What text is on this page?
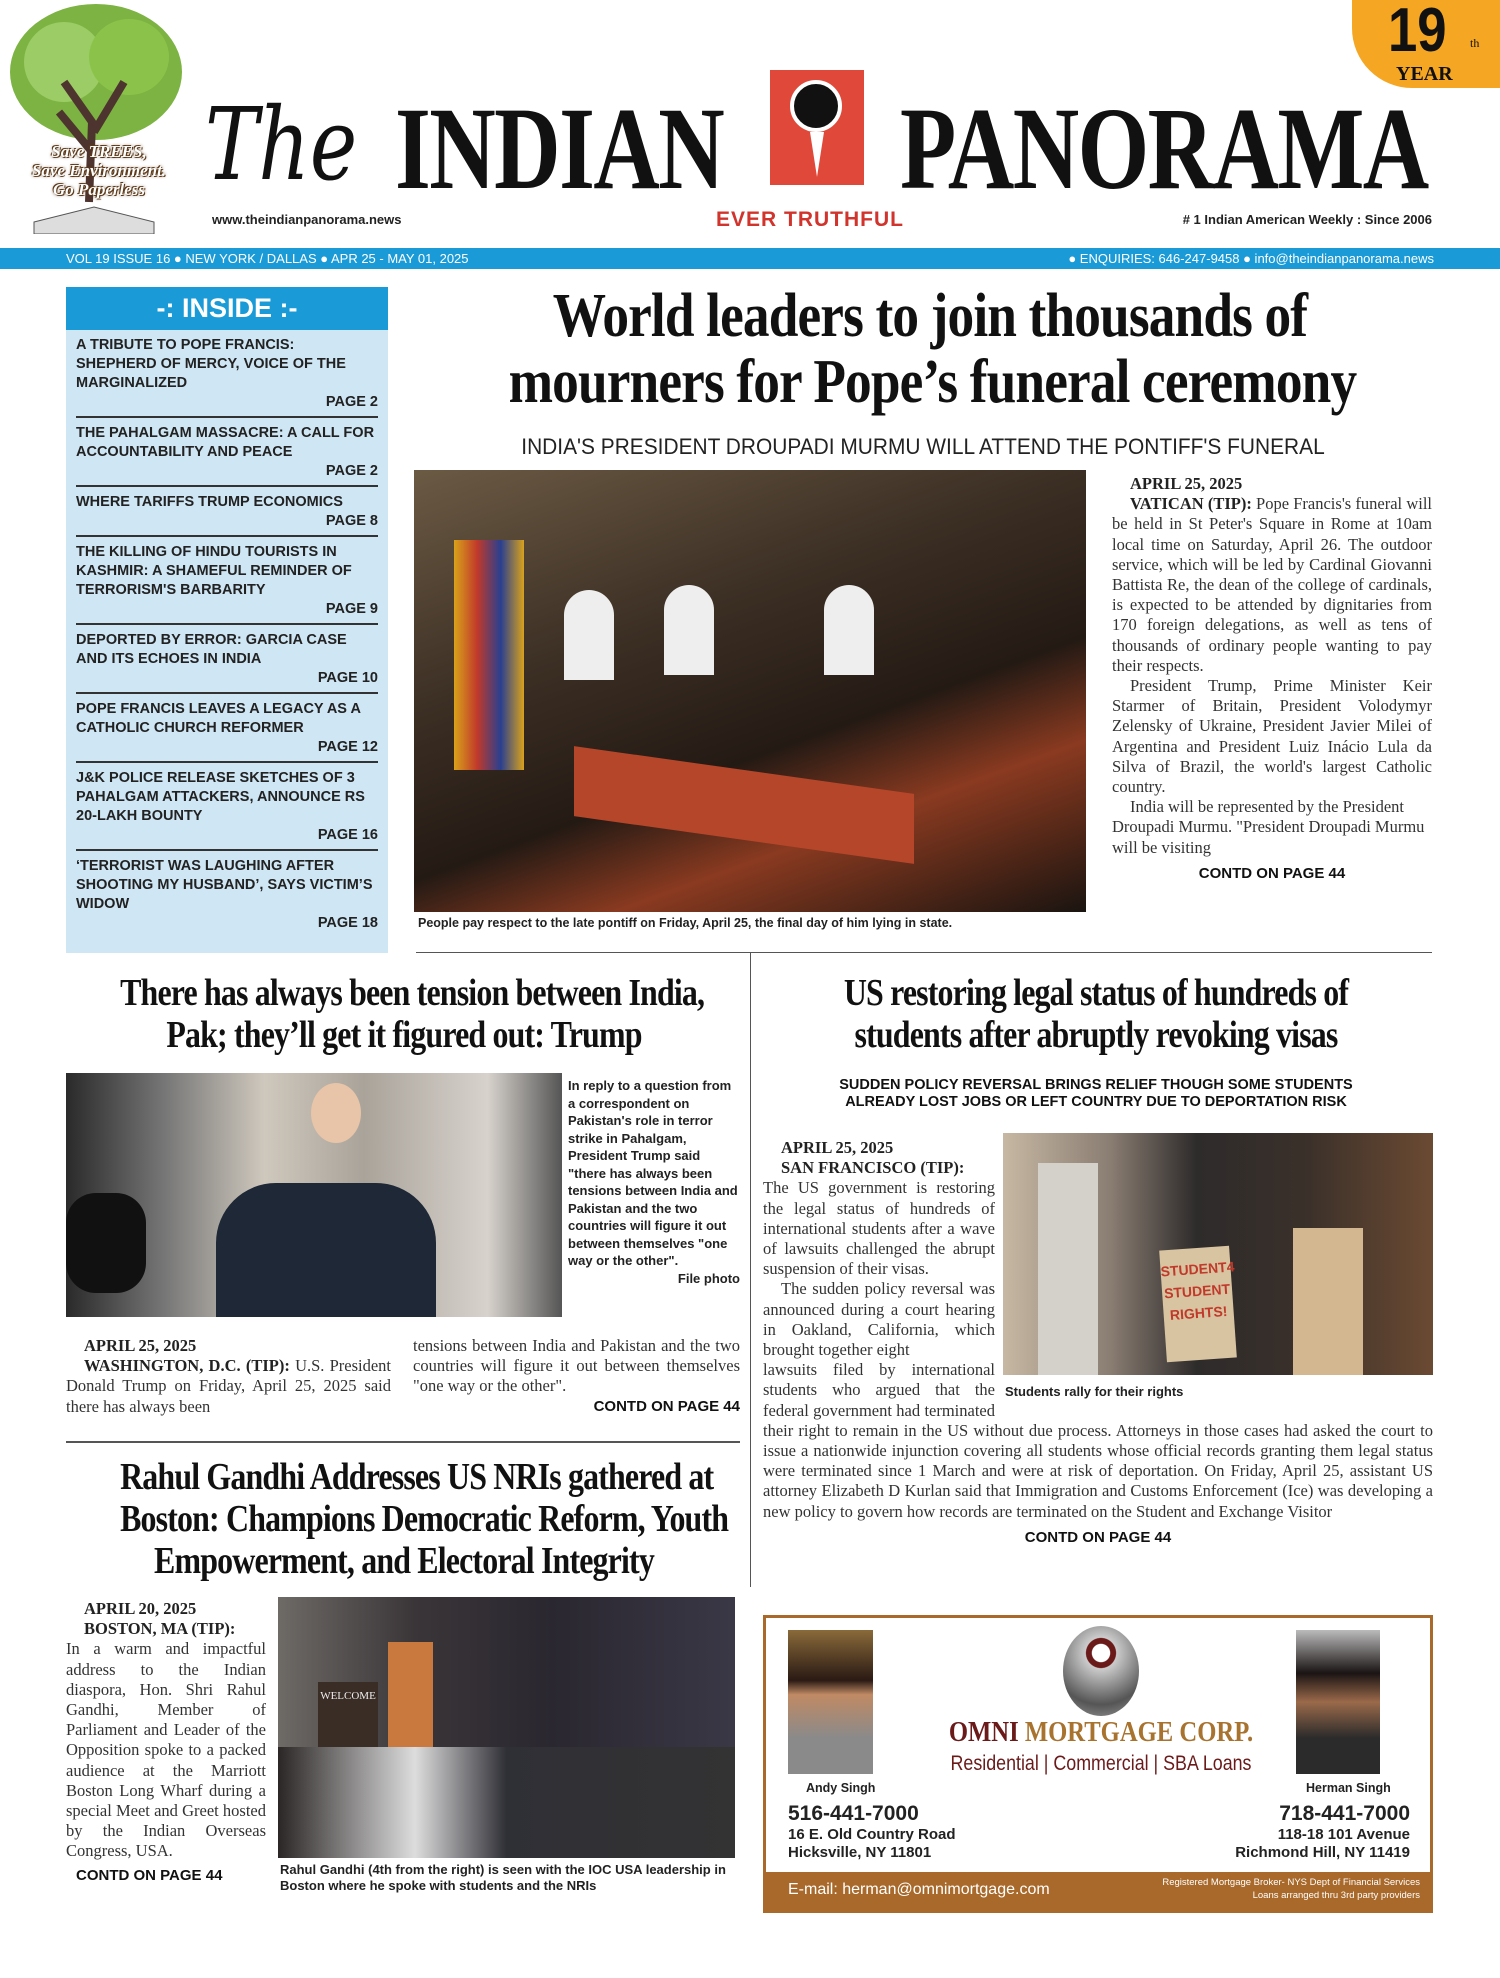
Save TREES,
Save Environment.
Go Paperless The INDIAN PANORAMA
19 th
YEAR
www.theindianpanorama.news	EVER TRUTHFUL	# 1 Indian American Weekly : Since 2006
VOL 19 ISSUE 16 ● NEW YORK / DALLAS ● APR 25 - MAY 01, 2025	● ENQUIRIES: 646-247-9458 ● info@theindianpanorama.news
-: INSIDE :-
A TRIBUTE TO POPE FRANCIS: SHEPHERD OF MERCY, VOICE OF THE MARGINALIZED
PAGE 2
THE PAHALGAM MASSACRE: A CALL FOR ACCOUNTABILITY AND PEACE
PAGE 2
WHERE TARIFFS TRUMP ECONOMICS
PAGE 8
THE KILLING OF HINDU TOURISTS IN KASHMIR: A SHAMEFUL REMINDER OF TERRORISM'S BARBARITY
PAGE 9
DEPORTED BY ERROR: GARCIA CASE AND ITS ECHOES IN INDIA
PAGE 10
POPE FRANCIS LEAVES A LEGACY AS A CATHOLIC CHURCH REFORMER
PAGE 12
J&K POLICE RELEASE SKETCHES OF 3 PAHALGAM ATTACKERS, ANNOUNCE RS 20-LAKH BOUNTY
PAGE 16
‘TERRORIST WAS LAUGHING AFTER SHOOTING MY HUSBAND’, SAYS VICTIM’S WIDOW
PAGE 18
World leaders to join thousands of
mourners for Pope’s funeral ceremony
INDIA'S PRESIDENT DROUPADI MURMU WILL ATTEND THE PONTIFF'S FUNERAL
People pay respect to the late pontiff on Friday, April 25, the final day of him lying in state.

APRIL 25, 2025

VATICAN (TIP): Pope Francis's funeral will be held in St Peter's Square in Rome at 10am local time on Saturday, April 26. The outdoor service, which will be led by Cardinal Giovanni Battista Re, the dean of the college of cardinals, is expected to be attended by dignitaries from 170 foreign delegations, as well as tens of thousands of ordinary people wanting to pay their respects.

President Trump, Prime Minister Keir Starmer of Britain, President Volodymyr Zelensky of Ukraine, President Javier Milei of Argentina and President Luiz Inácio Lula da Silva of Brazil, the world's largest Catholic country.

India will be represented by the President Droupadi Murmu. "President Droupadi Murmu will be visiting

CONTD ON PAGE 44
There has always been tension between India,
Pak; they’ll get it figured out: Trump
In reply to a question from a correspondent on Pakistan's role in terror strike in Pahalgam, President Trump said "there has always been tensions between India and Pakistan and the two countries will figure it out between themselves "one way or the other".
File photo

APRIL 25, 2025

WASHINGTON, D.C. (TIP): U.S. President Donald Trump on Friday, April 25, 2025 said there has always been

tensions between India and Pakistan and the two countries will figure it out between themselves "one way or the other".
CONTD ON PAGE 44
Rahul Gandhi Addresses US NRIs gathered at
Boston: Champions Democratic Reform, Youth
Empowerment, and Electoral Integrity

APRIL 20, 2025

BOSTON, MA (TIP):

In a warm and impactful address to the Indian diaspora, Hon. Shri Rahul Gandhi, Member of Parliament and Leader of the Opposition spoke to a packed audience at the Marriott Boston Long Wharf during a special Meet and Greet hosted by the Indian Overseas Congress, USA.
CONTD ON PAGE 44
WELCOME
Rahul Gandhi (4th from the right) is seen with the IOC USA leadership in Boston where he spoke with students and the NRIs
US restoring legal status of hundreds of
students after abruptly revoking visas
SUDDEN POLICY REVERSAL BRINGS RELIEF THOUGH SOME STUDENTS
ALREADY LOST JOBS OR LEFT COUNTRY DUE TO DEPORTATION RISK

APRIL 25, 2025

SAN FRANCISCO (TIP):

The US government is restoring the legal status of hundreds of international students after a wave of lawsuits challenged the abrupt suspension of their visas.

The sudden policy reversal was announced during a court hearing in Oakland, California, which brought together eight

lawsuits filed by international students who argued that the federal government had terminated their right to remain in the US without due process. Attorneys in those cases had asked the court to issue a nationwide injunction covering all students whose official records granting them legal status were terminated since 1 March and were at risk of deportation. On Friday, April 25, assistant US attorney Elizabeth D Kurlan said that Immigration and Customs Enforcement (Ice) was developing a new policy to govern how records are terminated on the Student and Exchange Visitor
CONTD ON PAGE 44
STUDENT4
STUDENT
RIGHTS!
Students rally for their rights
OMNI MORTGAGE CORP.
Residential | Commercial | SBA Loans
Andy Singh	Herman Singh
516-441-7000
16 E. Old Country Road
Hicksville, NY 11801
718-441-7000
118-18 101 Avenue
Richmond Hill, NY 11419
E-mail: herman@omnimortgage.com	Registered Mortgage Broker- NYS Dept of Financial Services
Loans arranged thru 3rd party providers
